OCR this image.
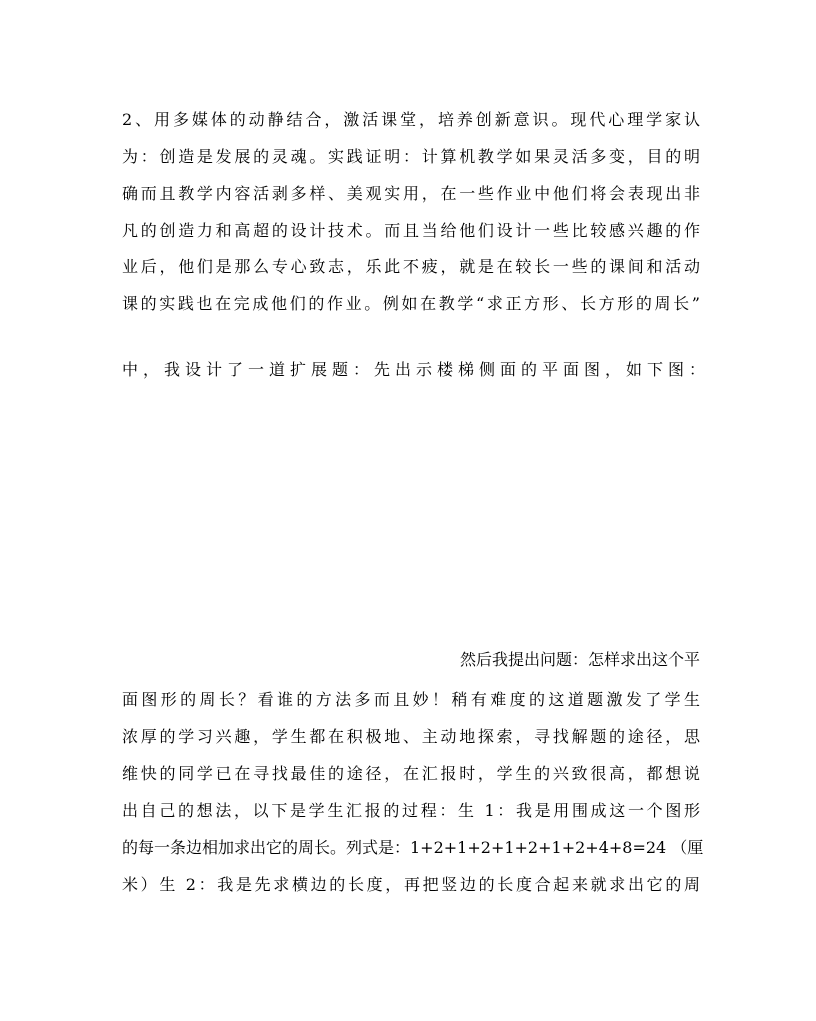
2、用多媒体的动静结合，激活课堂，培养创新意识。现代心理学家认
为：创造是发展的灵魂。实践证明：计算机教学如果灵活多变，目的明
确而且教学内容活剥多样、美观实用，在一些作业中他们将会表现出非
凡的创造力和高超的设计技术。而且当给他们设计一些比较感兴趣的作
业后，他们是那么专心致志，乐此不疲，就是在较长一些的课间和活动
课的实践也在完成他们的作业。例如在教学“求正方形、长方形的周长”
中，我设计了一道扩展题：先出示楼梯侧面的平面图，如下图：
然后我提出问题：怎样求出这个平
面图形的周长？看谁的方法多而且妙！稍有难度的这道题激发了学生
浓厚的学习兴趣，学生都在积极地、主动地探索，寻找解题的途径，思
维快的同学已在寻找最佳的途径，在汇报时，学生的兴致很高，都想说
出自己的想法，以下是学生汇报的过程：生 1：我是用围成这一个图形
的每一条边相加求出它的周长。列式是：1+2+1+2+1+2+1+2+4+8=24 （厘
米）生 2：我是先求横边的长度，再把竖边的长度合起来就求出它的周
